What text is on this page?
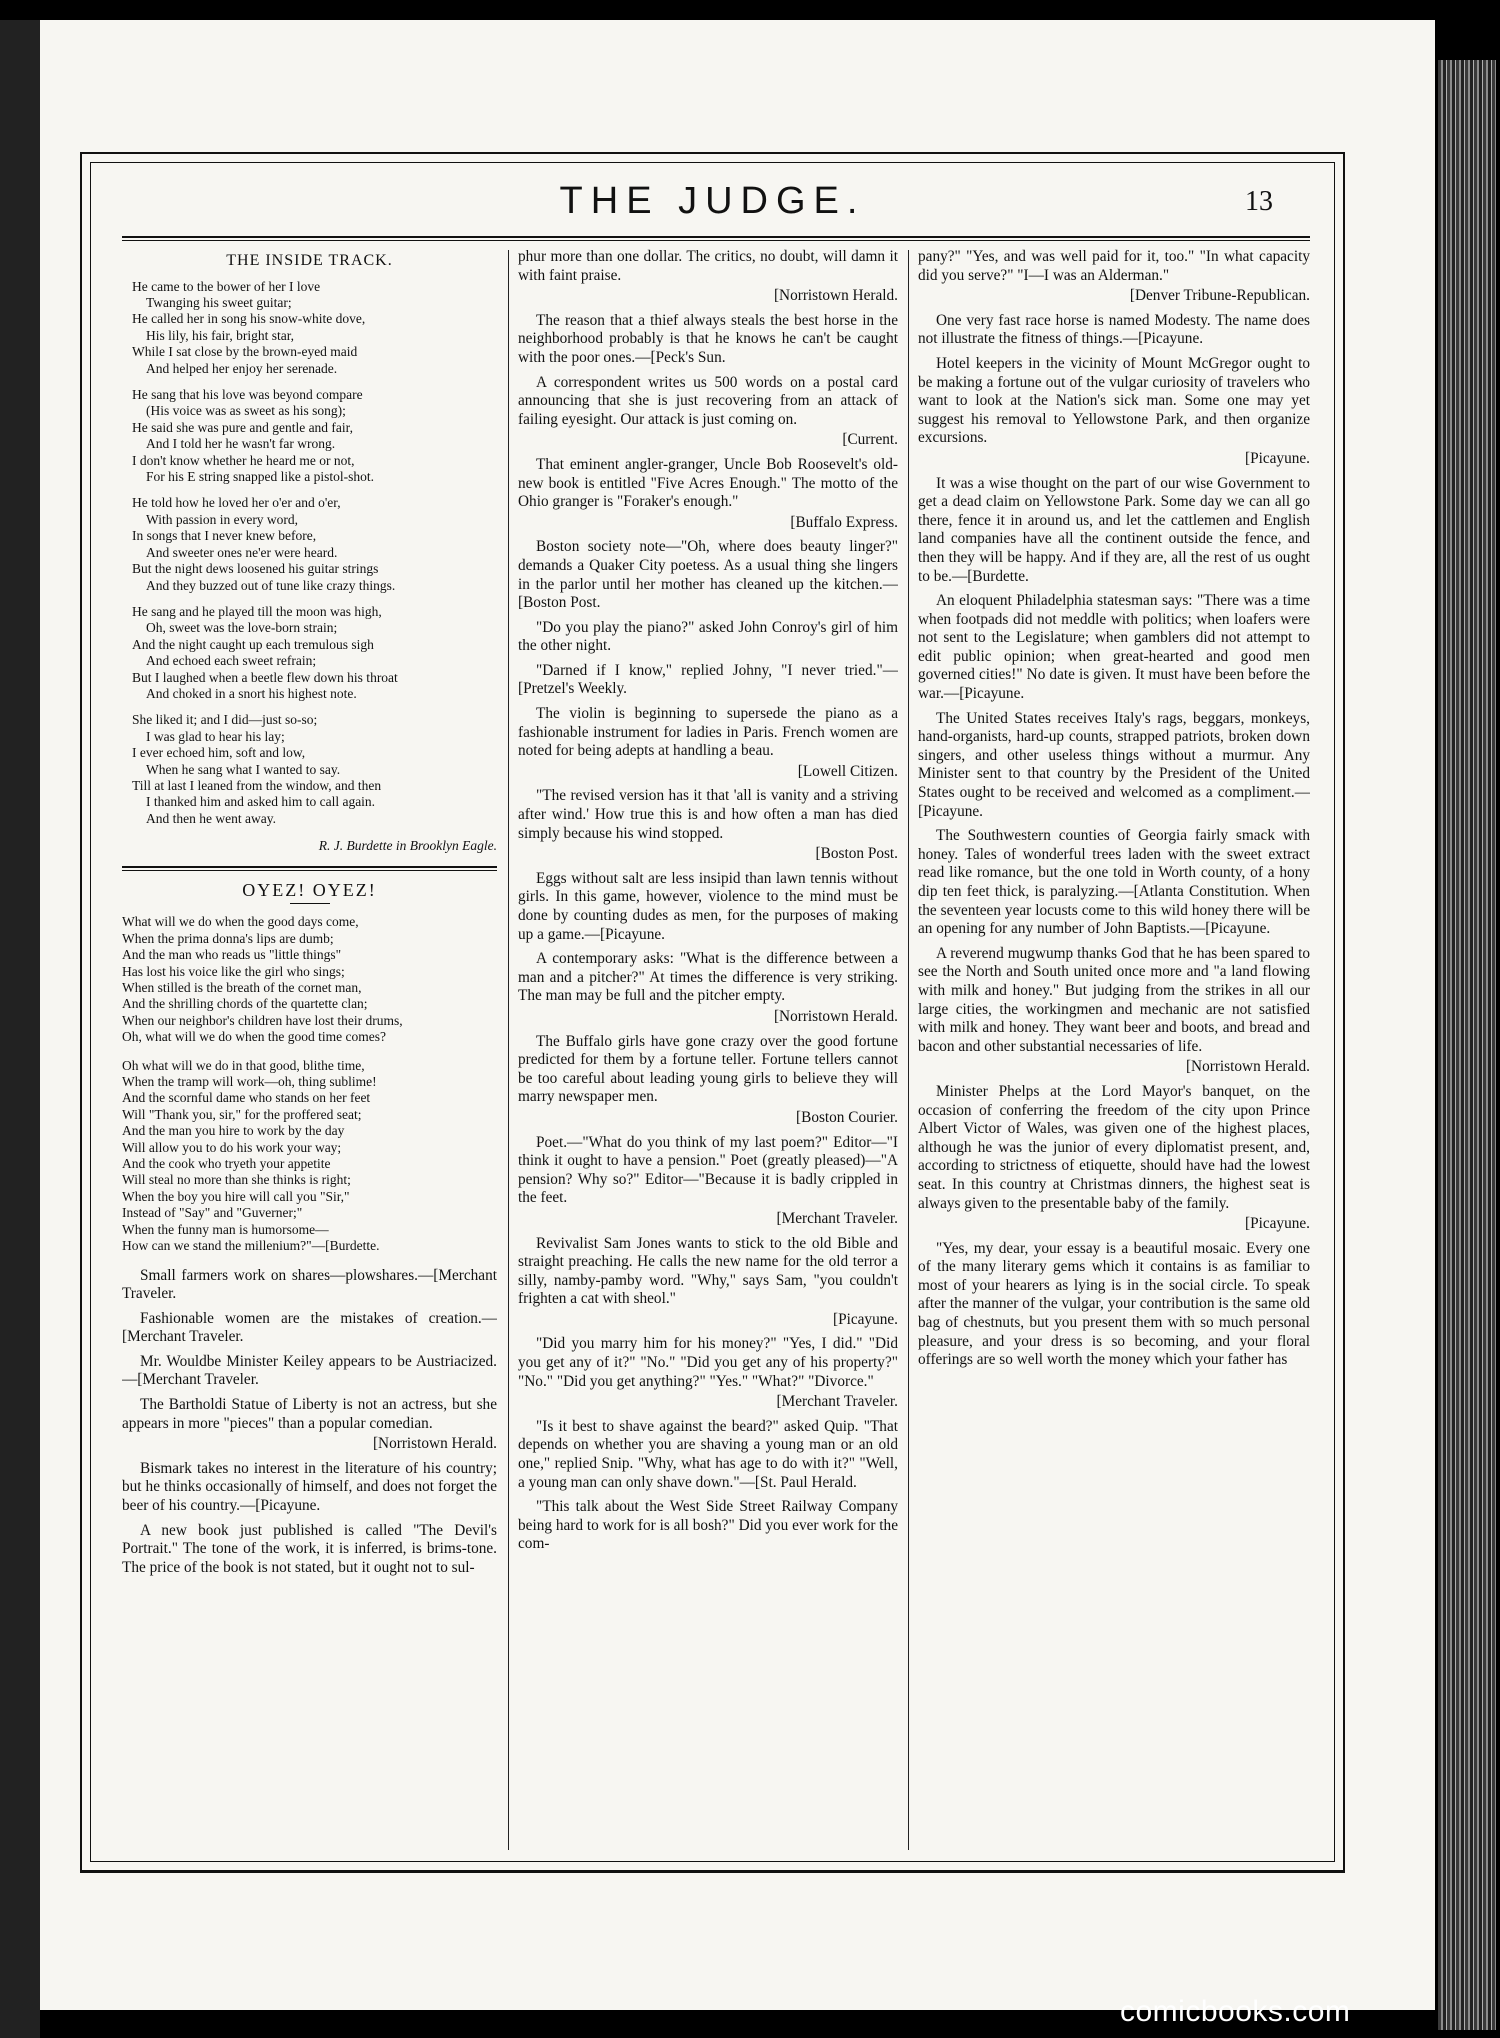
THE JUDGE.	13
THE INSIDE TRACK.
He came to the bower of her I love
Twanging his sweet guitar;
He called her in song his snow-white dove,
His lily, his fair, bright star,
While I sat close by the brown-eyed maid
And helped her enjoy her serenade.
He sang that his love was beyond compare
(His voice was as sweet as his song);
He said she was pure and gentle and fair,
And I told her he wasn't far wrong.
I don't know whether he heard me or not,
For his E string snapped like a pistol-shot.
He told how he loved her o'er and o'er,
With passion in every word,
In songs that I never knew before,
And sweeter ones ne'er were heard.
But the night dews loosened his guitar strings
And they buzzed out of tune like crazy things.
He sang and he played till the moon was high,
Oh, sweet was the love-born strain;
And the night caught up each tremulous sigh
And echoed each sweet refrain;
But I laughed when a beetle flew down his throat
And choked in a snort his highest note.
She liked it; and I did—just so-so;
I was glad to hear his lay;
I ever echoed him, soft and low,
When he sang what I wanted to say.
Till at last I leaned from the window, and then
I thanked him and asked him to call again.
And then he went away.
R. J. Burdette in Brooklyn Eagle.
OYEZ! OYEZ!
What will we do when the good days come,
When the prima donna's lips are dumb;
And the man who reads us "little things"
Has lost his voice like the girl who sings;
When stilled is the breath of the cornet man,
And the shrilling chords of the quartette clan;
When our neighbor's children have lost their drums,
Oh, what will we do when the good time comes?
Oh what will we do in that good, blithe time,
When the tramp will work—oh, thing sublime!
And the scornful dame who stands on her feet
Will "Thank you, sir," for the proffered seat;
And the man you hire to work by the day
Will allow you to do his work your way;
And the cook who tryeth your appetite
Will steal no more than she thinks is right;
When the boy you hire will call you "Sir,"
Instead of "Say" and "Guverner;"
When the funny man is humorsome—
How can we stand the millenium?"—[Burdette.

Small farmers work on shares—plowshares.—[Merchant Traveler.

Fashionable women are the mistakes of creation.—[Merchant Traveler.

Mr. Wouldbe Minister Keiley appears to be Austriacized.—[Merchant Traveler.

The Bartholdi Statue of Liberty is not an actress, but she appears in more "pieces" than a popular comedian.

[Norristown Herald.

Bismark takes no interest in the literature of his country; but he thinks occasionally of himself, and does not forget the beer of his country.—[Picayune.

A new book just published is called "The Devil's Portrait." The tone of the work, it is inferred, is brims-tone. The price of the book is not stated, but it ought not to sul-

phur more than one dollar. The critics, no doubt, will damn it with faint praise.

[Norristown Herald.

The reason that a thief always steals the best horse in the neighborhood probably is that he knows he can't be caught with the poor ones.—[Peck's Sun.

A correspondent writes us 500 words on a postal card announcing that she is just recovering from an attack of failing eyesight. Our attack is just coming on.

[Current.

That eminent angler-granger, Uncle Bob Roosevelt's old-new book is entitled "Five Acres Enough." The motto of the Ohio granger is "Foraker's enough."

[Buffalo Express.

Boston society note—"Oh, where does beauty linger?" demands a Quaker City poetess. As a usual thing she lingers in the parlor until her mother has cleaned up the kitchen.—[Boston Post.

"Do you play the piano?" asked John Conroy's girl of him the other night.

"Darned if I know," replied Johny, "I never tried."—[Pretzel's Weekly.

The violin is beginning to supersede the piano as a fashionable instrument for ladies in Paris. French women are noted for being adepts at handling a beau.

[Lowell Citizen.

"The revised version has it that 'all is vanity and a striving after wind.' How true this is and how often a man has died simply because his wind stopped.

[Boston Post.

Eggs without salt are less insipid than lawn tennis without girls. In this game, however, violence to the mind must be done by counting dudes as men, for the purposes of making up a game.—[Picayune.

A contemporary asks: "What is the difference between a man and a pitcher?" At times the difference is very striking. The man may be full and the pitcher empty.

[Norristown Herald.

The Buffalo girls have gone crazy over the good fortune predicted for them by a fortune teller. Fortune tellers cannot be too careful about leading young girls to believe they will marry newspaper men.

[Boston Courier.

Poet.—"What do you think of my last poem?" Editor—"I think it ought to have a pension." Poet (greatly pleased)—"A pension? Why so?" Editor—"Because it is badly crippled in the feet.

[Merchant Traveler.

Revivalist Sam Jones wants to stick to the old Bible and straight preaching. He calls the new name for the old terror a silly, namby-pamby word. "Why," says Sam, "you couldn't frighten a cat with sheol."

[Picayune.

"Did you marry him for his money?" "Yes, I did." "Did you get any of it?" "No." "Did you get any of his property?" "No." "Did you get anything?" "Yes." "What?" "Divorce."

[Merchant Traveler.

"Is it best to shave against the beard?" asked Quip. "That depends on whether you are shaving a young man or an old one," replied Snip. "Why, what has age to do with it?" "Well, a young man can only shave down."—[St. Paul Herald.

"This talk about the West Side Street Railway Company being hard to work for is all bosh?" Did you ever work for the com-

pany?" "Yes, and was well paid for it, too." "In what capacity did you serve?" "I—I was an Alderman."

[Denver Tribune-Republican.

One very fast race horse is named Modesty. The name does not illustrate the fitness of things.—[Picayune.

Hotel keepers in the vicinity of Mount McGregor ought to be making a fortune out of the vulgar curiosity of travelers who want to look at the Nation's sick man. Some one may yet suggest his removal to Yellowstone Park, and then organize excursions.

[Picayune.

It was a wise thought on the part of our wise Government to get a dead claim on Yellowstone Park. Some day we can all go there, fence it in around us, and let the cattlemen and English land companies have all the continent outside the fence, and then they will be happy. And if they are, all the rest of us ought to be.—[Burdette.

An eloquent Philadelphia statesman says: "There was a time when footpads did not meddle with politics; when loafers were not sent to the Legislature; when gamblers did not attempt to edit public opinion; when great-hearted and good men governed cities!" No date is given. It must have been before the war.—[Picayune.

The United States receives Italy's rags, beggars, monkeys, hand-organists, hard-up counts, strapped patriots, broken down singers, and other useless things without a murmur. Any Minister sent to that country by the President of the United States ought to be received and welcomed as a compliment.—[Picayune.

The Southwestern counties of Georgia fairly smack with honey. Tales of wonderful trees laden with the sweet extract read like romance, but the one told in Worth county, of a hony dip ten feet thick, is paralyzing.—[Atlanta Constitution. When the seventeen year locusts come to this wild honey there will be an opening for any number of John Baptists.—[Picayune.

A reverend mugwump thanks God that he has been spared to see the North and South united once more and "a land flowing with milk and honey." But judging from the strikes in all our large cities, the workingmen and mechanic are not satisfied with milk and honey. They want beer and boots, and bread and bacon and other substantial necessaries of life.

[Norristown Herald.

Minister Phelps at the Lord Mayor's banquet, on the occasion of conferring the freedom of the city upon Prince Albert Victor of Wales, was given one of the highest places, although he was the junior of every diplomatist present, and, according to strictness of etiquette, should have had the lowest seat. In this country at Christmas dinners, the highest seat is always given to the presentable baby of the family.

[Picayune.

"Yes, my dear, your essay is a beautiful mosaic. Every one of the many literary gems which it contains is as familiar to most of your hearers as lying is in the social circle. To speak after the manner of the vulgar, your contribution is the same old bag of chestnuts, but you present them with so much personal pleasure, and your dress is so becoming, and your floral offerings are so well worth the money which your father has

comicbooks.com
